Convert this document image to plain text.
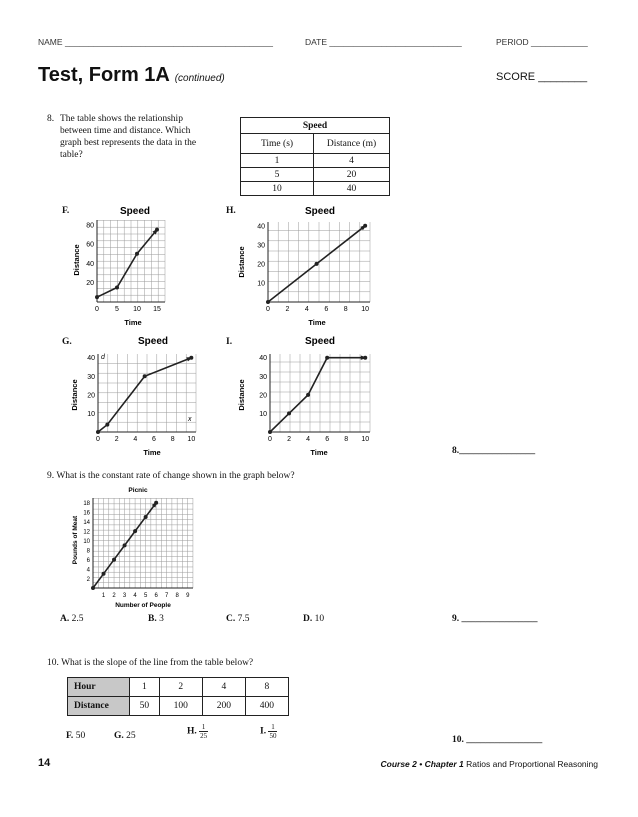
NAME ____________________________________________	DATE ____________________________	PERIOD ____________
Test, Form 1A (continued)	SCORE ________
8. The table shows the relationship
between time and distance. Which
graph best represents the data in the
table?
Speed	
Time (s)	Distance (m)
1	4
5	20
10	40
F.	H.
G.	I.
Speed
Distance
Time
0 5 10 15
20
40
60
80
Speed
Distance
Time
0 2 4 6 8 10
10
20
30
40
Speed
Distance
Time
d
x
0 2 4 6 8 10
10
20
30
40
Speed
Distance
Time
0 2 4 6 8 10
10
20
30
40
8.________________
9. What is the constant rate of change shown in the graph below?
Picnic
Pounds of Meat
Number of People
1 2 3 4 5 6 7 8 9
2
4
6
8
10
12
14
16
18
A. 2.5	B. 3	C. 7.5	D. 10	9. ________________
10. What is the slope of the line from the table below?
Hour	1	2	4	8
Distance	50	100	200	400
F. 50	G. 25	H. $\frac{1}{25}$	I. $\frac{1}{50}$	10. ________________
14	Course 2 • Chapter 1 Ratios and Proportional Reasoning
